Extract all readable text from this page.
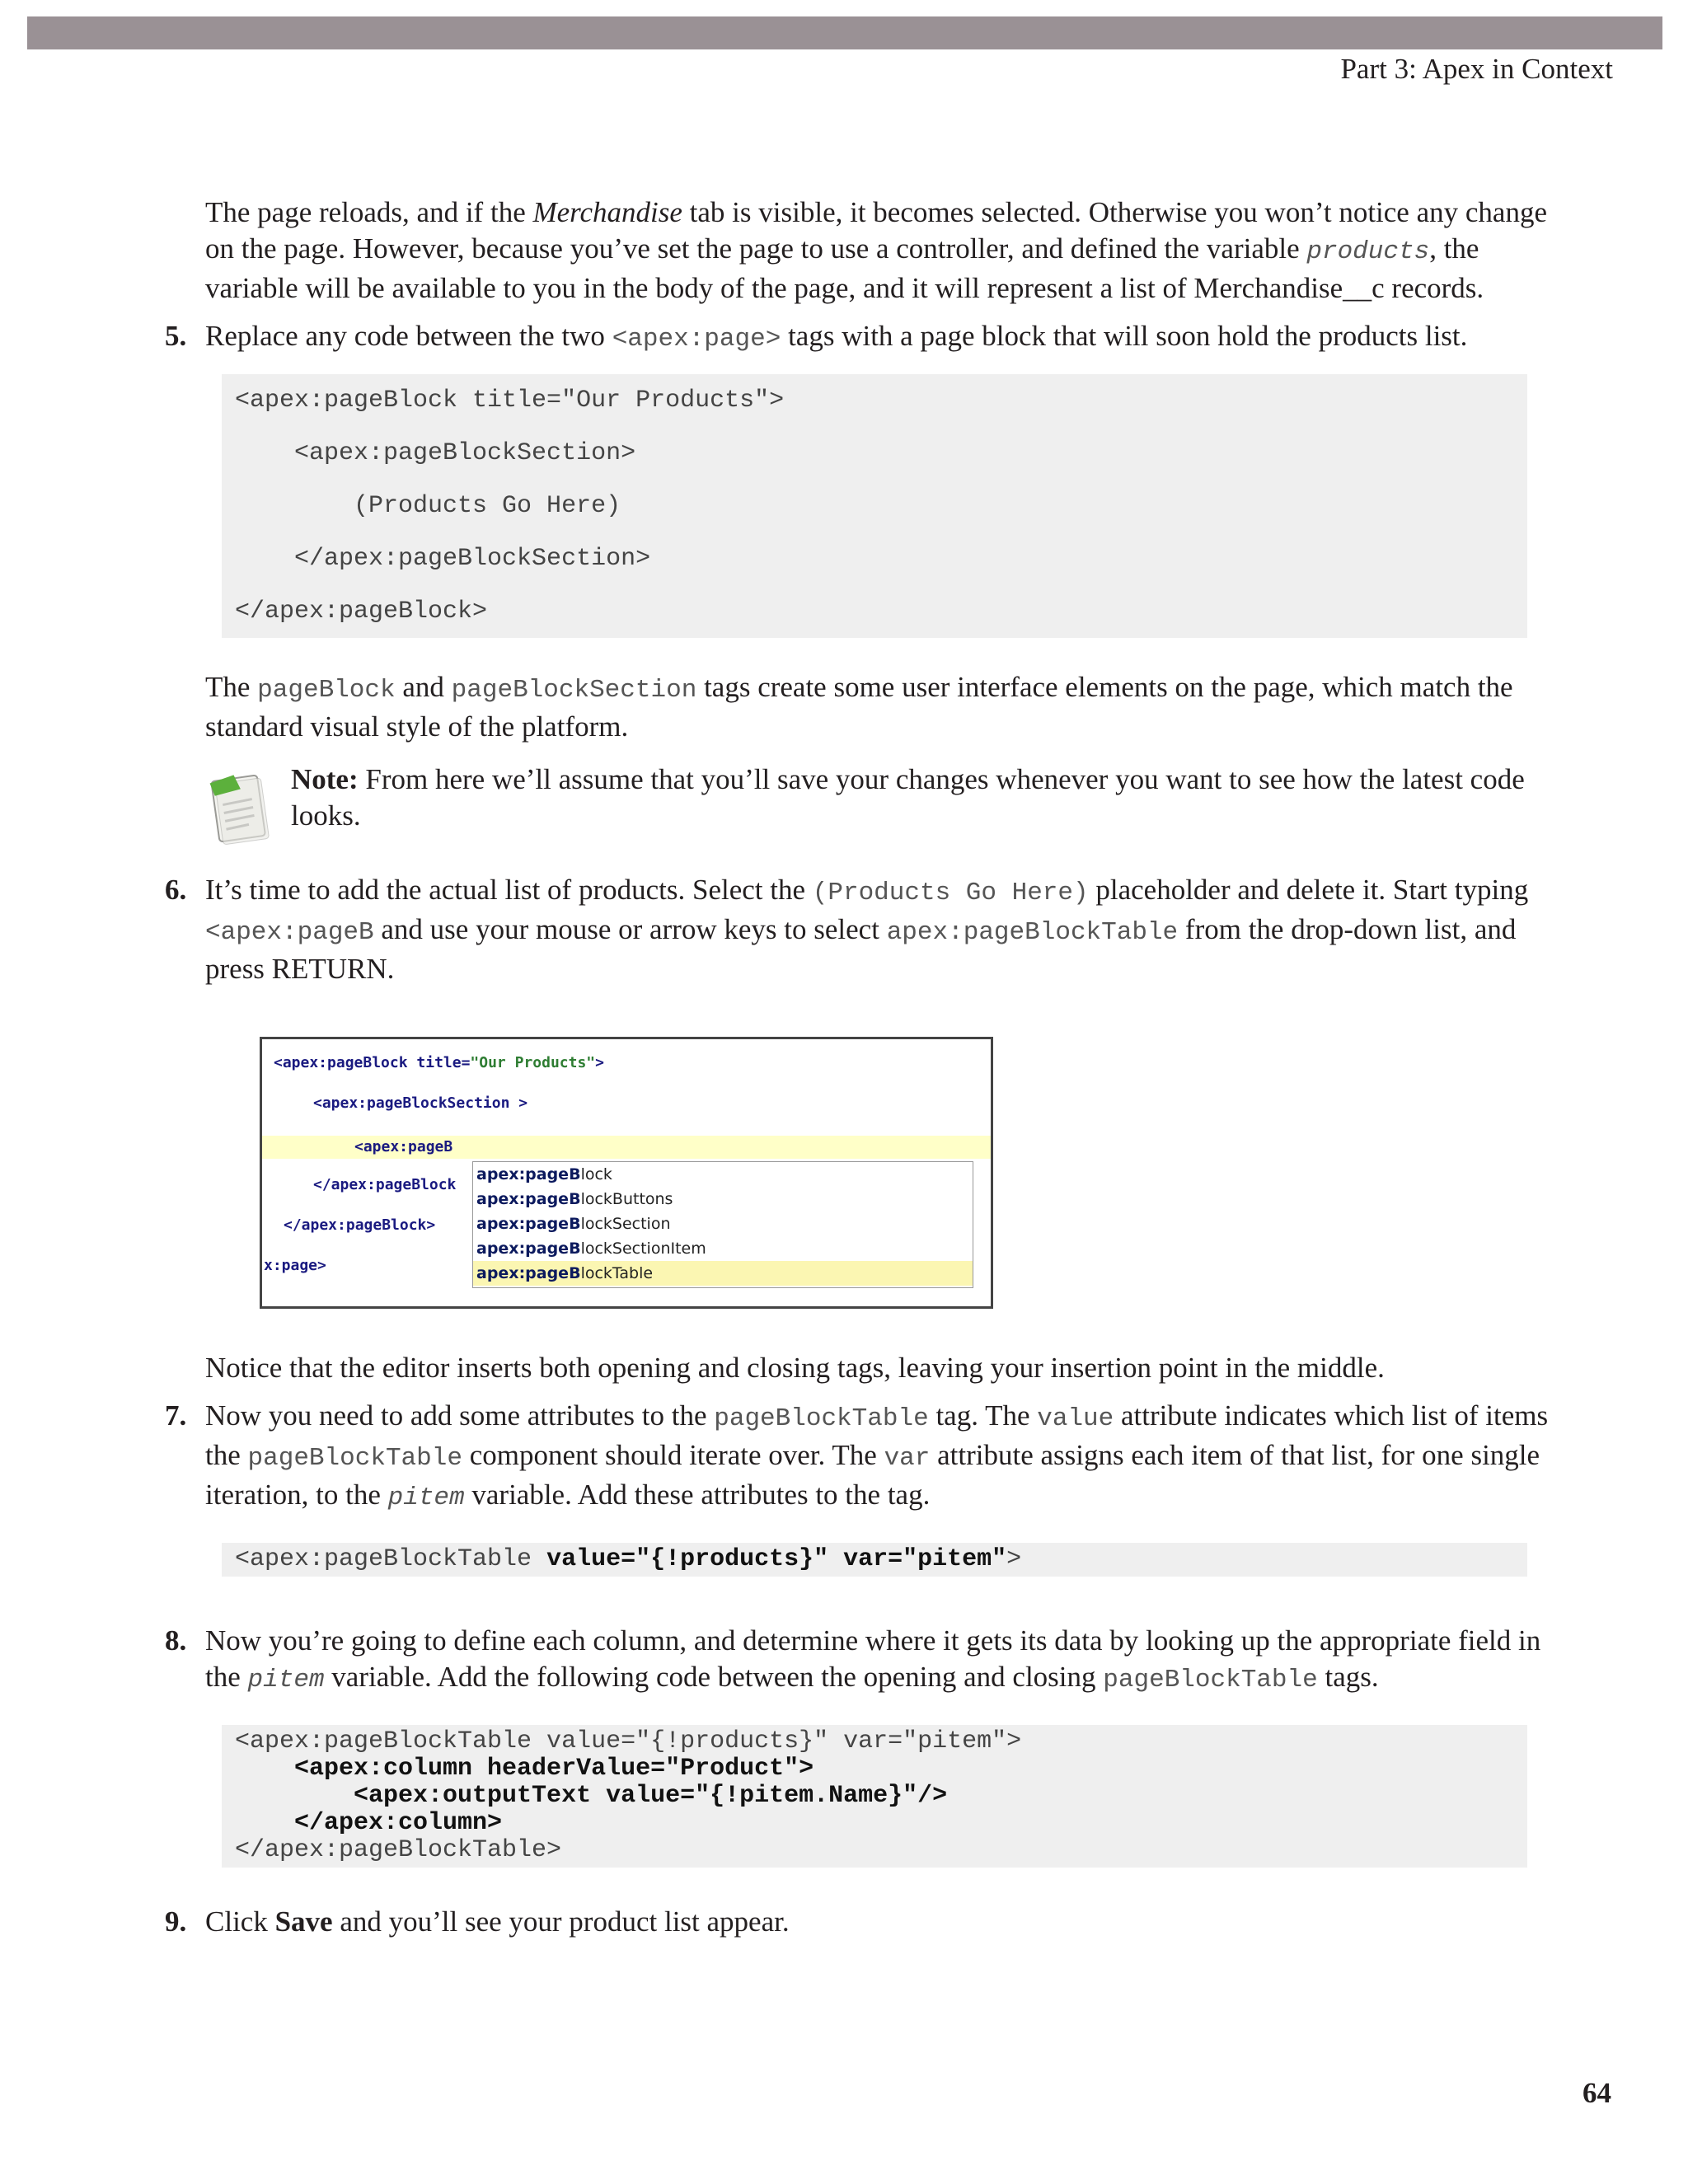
Part 3: Apex in Context

The page reloads, and if the Merchandise tab is visible, it becomes selected. Otherwise you won’t notice any change on the page. However, because you’ve set the page to use a controller, and defined the variable products, the variable will be available to you in the body of the page, and it will represent a list of Merchandise__c records.

5. Replace any code between the two <apex:page> tags with a page block that will soon hold the products list.

<apex:pageBlock title="Our Products">
<apex:pageBlockSection>
(Products Go Here)
</apex:pageBlockSection>
</apex:pageBlock>

The pageBlock and pageBlockSection tags create some user interface elements on the page, which match the standard visual style of the platform.

Note: From here we’ll assume that you’ll save your changes whenever you want to see how the latest code looks.

6. It’s time to add the actual list of products. Select the (Products Go Here) placeholder and delete it. Start typing <apex:pageB and use your mouse or arrow keys to select apex:pageBlockTable from the drop-down list, and press RETURN.

<apex:pageBlock title="Our Products">
<apex:pageBlockSection >
<apex:pageB
</apex:pageBlock
</apex:pageBlock>
x:page>
apex:pageBlock
apex:pageBlockButtons
apex:pageBlockSection
apex:pageBlockSectionItem
apex:pageBlockTable

Notice that the editor inserts both opening and closing tags, leaving your insertion point in the middle.

7. Now you need to add some attributes to the pageBlockTable tag. The value attribute indicates which list of items the pageBlockTable component should iterate over. The var attribute assigns each item of that list, for one single iteration, to the pitem variable. Add these attributes to the tag.

<apex:pageBlockTable value="{!products}" var="pitem">

8. Now you’re going to define each column, and determine where it gets its data by looking up the appropriate field in the pitem variable. Add the following code between the opening and closing pageBlockTable tags.

<apex:pageBlockTable value="{!products}" var="pitem">
<apex:column headerValue="Product">
<apex:outputText value="{!pitem.Name}"/>
</apex:column>
</apex:pageBlockTable>

9. Click Save and you’ll see your product list appear.

64
